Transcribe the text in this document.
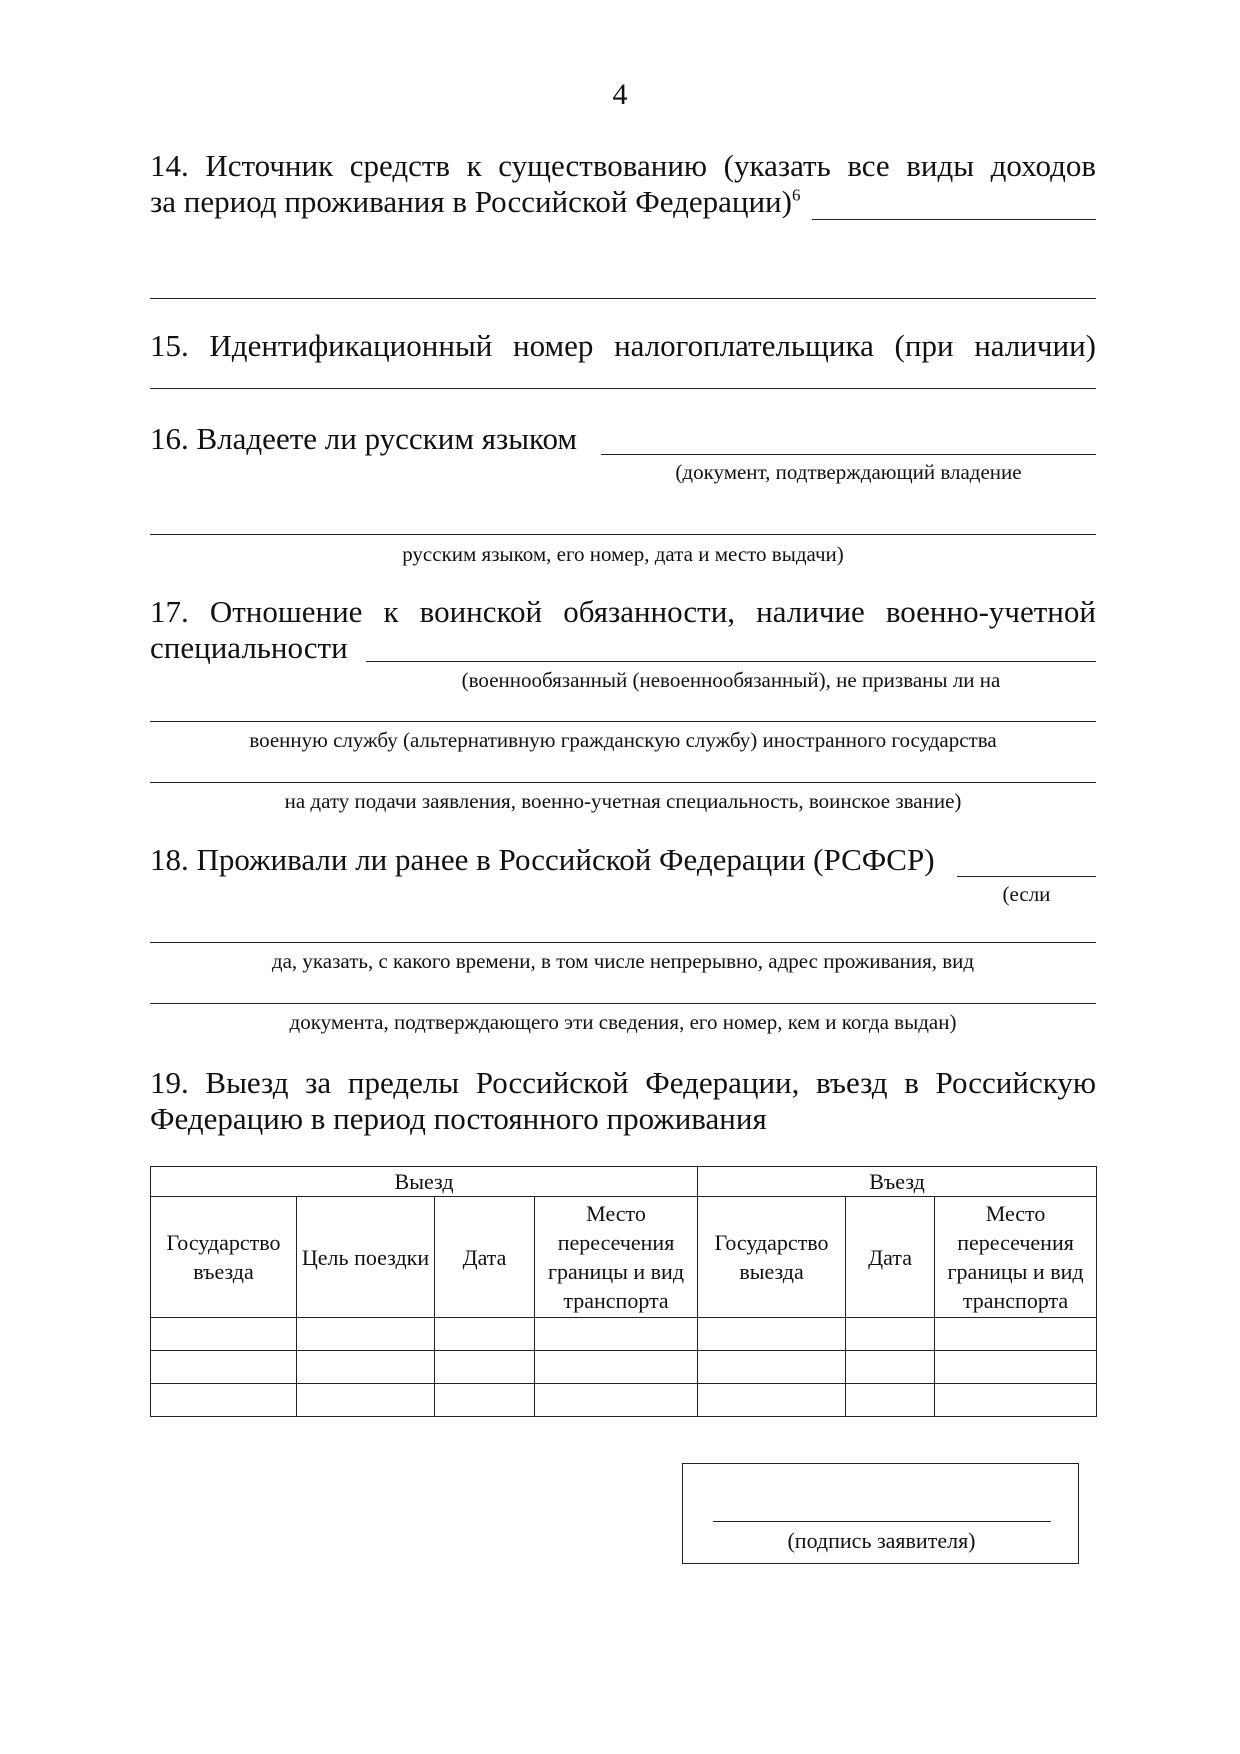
4
14. Источник средств к существованию (указать все виды доходов
за период проживания в Российской Федерации)$^6$
15. Идентификационный номер налогоплательщика (при наличии)
16. Владеете ли русским языком
(документ, подтверждающий владение
русским языком, его номер, дата и место выдачи)
17. Отношение к воинской обязанности, наличие военно-учетной
специальности
(военнообязанный (невоеннообязанный), не призваны ли на
военную службу (альтернативную гражданскую службу) иностранного государства
на дату подачи заявления, военно-учетная специальность, воинское звание)
18. Проживали ли ранее в Российской Федерации (РСФСР)
(если
да, указать, с какого времени, в том числе непрерывно, адрес проживания, вид
документа, подтверждающего эти сведения, его номер, кем и когда выдан)
19. Выезд за пределы Российской Федерации, въезд в Российскую
Федерацию в период постоянного проживания
Выезд				Въезд		
Государство въезда	Цель поездки	Дата	Место пересечения границы и вид транспорта	Государство выезда	Дата	Место пересечения границы и вид транспорта

(подпись заявителя)
